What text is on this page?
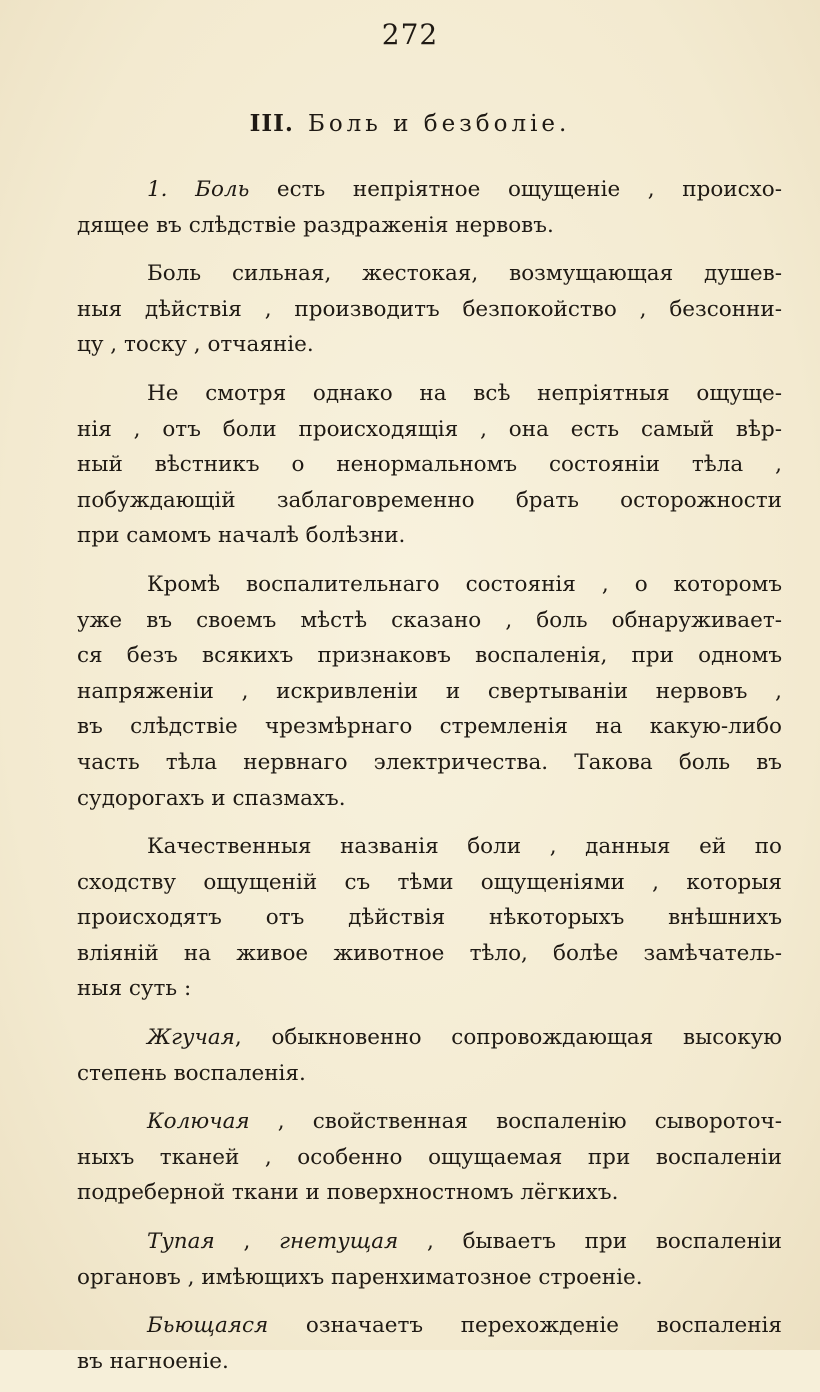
272
III. Боль и безболіе.
1. Боль есть непріятное ощущеніе , происхо-
дящее въ слѣдствіе раздраженія нервовъ.
Боль сильная, жестокая, возмущающая душев-
ныя дѣйствія , производитъ безпокойство , безсонни-
цу , тоску , отчаяніе.
Не смотря однако на всѣ непріятныя ощуще-
нія , отъ боли происходящія , она есть самый вѣр-
ный вѣстникъ о ненормальномъ состояніи тѣла ,
побуждающій заблаговременно брать осторожности
при самомъ началѣ болѣзни.
Кромѣ воспалительнаго состоянія , о которомъ
уже въ своемъ мѣстѣ сказано , боль обнаруживает-
ся безъ всякихъ признаковъ воспаленія, при одномъ
напряженіи , искривленіи и свертываніи нервовъ ,
въ слѣдствіе чрезмѣрнаго стремленія на какую-либо
часть тѣла нервнаго электричества. Такова боль въ
судорогахъ и спазмахъ.
Качественныя названія боли , данныя ей по
сходству ощущеній съ тѣми ощущеніями , которыя
происходятъ отъ дѣйствія нѣкоторыхъ внѣшнихъ
вліяній на живое животное тѣло, болѣе замѣчатель-
ныя суть :
Жгучая, обыкновенно сопровождающая высокую
степень воспаленія.
Колючая , свойственная воспаленію сывороточ-
ныхъ тканей , особенно ощущаемая при воспаленіи
подреберной ткани и поверхностномъ лёгкихъ.
Тупая , гнетущая , бываетъ при воспаленіи
органовъ , имѣющихъ паренхиматозное строеніе.
Бьющаяся означаетъ перехожденіе воспаленія
въ нагноеніе.
